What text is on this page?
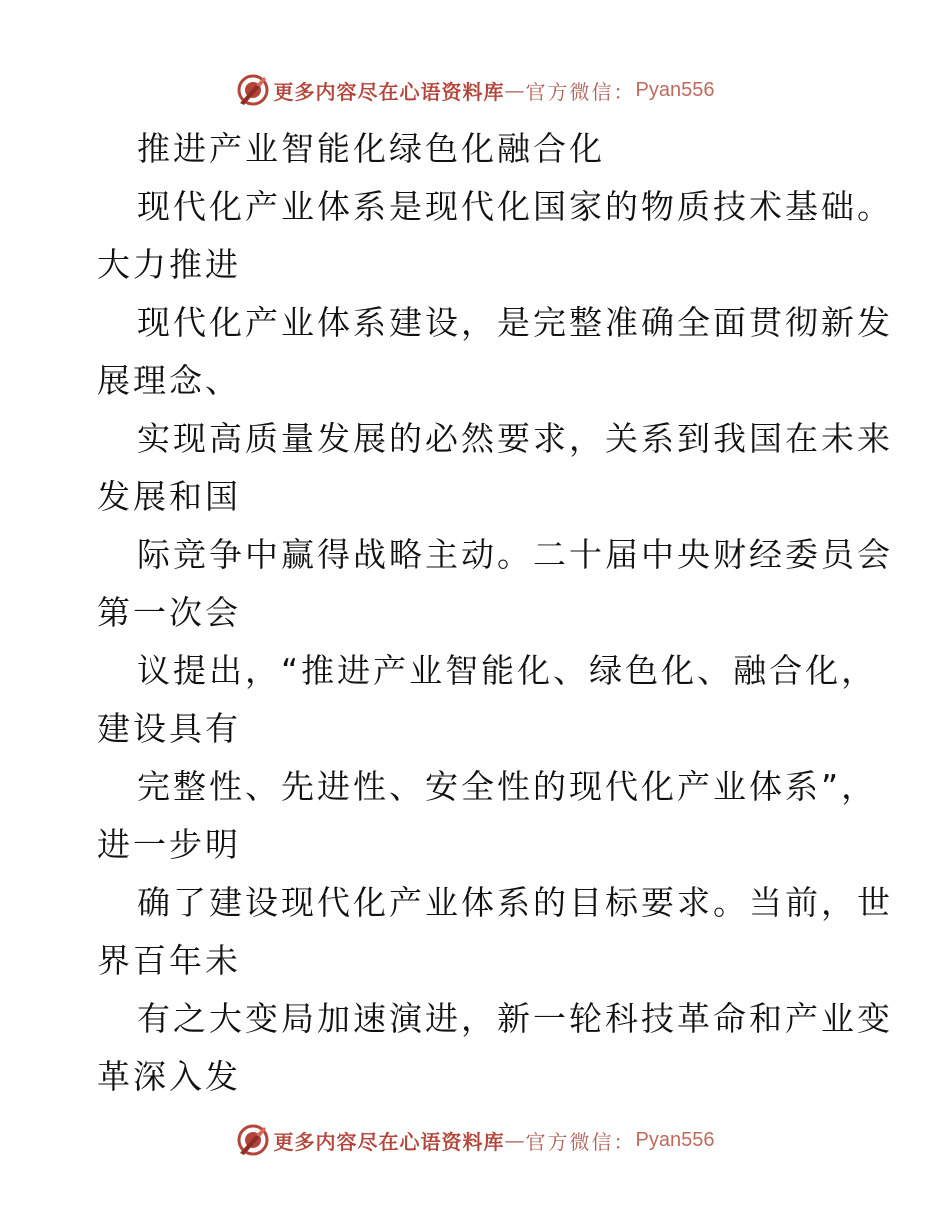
更多内容尽在心语资料库 — 官方微信： Pyan556
推进产业智能化绿色化融合化
现代化产业体系是现代化国家的物质技术基础。
大力推进
现代化产业体系建设，是完整准确全面贯彻新发
展理念、
实现高质量发展的必然要求，关系到我国在未来
发展和国
际竞争中赢得战略主动。二十届中央财经委员会
第一次会
议提出，“推进产业智能化、绿色化、融合化，
建设具有
完整性、先进性、安全性的现代化产业体系”，
进一步明
确了建设现代化产业体系的目标要求。当前，世
界百年未
有之大变局加速演进，新一轮科技革命和产业变
革深入发
更多内容尽在心语资料库 — 官方微信： Pyan556
